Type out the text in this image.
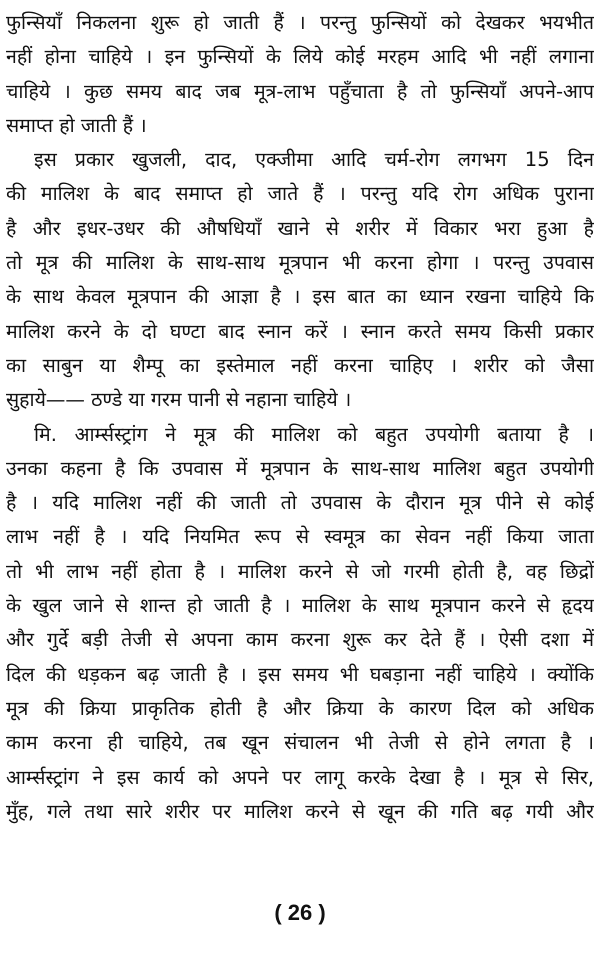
फुन्सियाँ निकलना शुरू हो जाती हैं । परन्तु फुन्सियों को देखकर भयभीत
नहीं होना चाहिये । इन फुन्सियों के लिये कोई मरहम आदि भी नहीं लगाना
चाहिये । कुछ समय बाद जब मूत्र-लाभ पहुँचाता है तो फुन्सियाँ अपने-आप
समाप्त हो जाती हैं ।
इस प्रकार खुजली, दाद, एक्जीमा आदि चर्म-रोग लगभग 15 दिन
की मालिश के बाद समाप्त हो जाते हैं । परन्तु यदि रोग अधिक पुराना
है और इधर-उधर की औषधियाँ खाने से शरीर में विकार भरा हुआ है
तो मूत्र की मालिश के साथ-साथ मूत्रपान भी करना होगा । परन्तु उपवास
के साथ केवल मूत्रपान की आज्ञा है । इस बात का ध्यान रखना चाहिये कि
मालिश करने के दो घण्टा बाद स्नान करें । स्नान करते समय किसी प्रकार
का साबुन या शैम्पू का इस्तेमाल नहीं करना चाहिए । शरीर को जैसा
सुहाये—— ठण्डे या गरम पानी से नहाना चाहिये ।
मि. आर्म्सस्ट्रांग ने मूत्र की मालिश को बहुत उपयोगी बताया है ।
उनका कहना है कि उपवास में मूत्रपान के साथ-साथ मालिश बहुत उपयोगी
है । यदि मालिश नहीं की जाती तो उपवास के दौरान मूत्र पीने से कोई
लाभ नहीं है । यदि नियमित रूप से स्वमूत्र का सेवन नहीं किया जाता
तो भी लाभ नहीं होता है । मालिश करने से जो गरमी होती है, वह छिद्रों
के खुल जाने से शान्त हो जाती है । मालिश के साथ मूत्रपान करने से हृदय
और गुर्दे बड़ी तेजी से अपना काम करना शुरू कर देते हैं । ऐसी दशा में
दिल की धड़कन बढ़ जाती है । इस समय भी घबड़ाना नहीं चाहिये । क्योंकि
मूत्र की क्रिया प्राकृतिक होती है और क्रिया के कारण दिल को अधिक
काम करना ही चाहिये, तब खून संचालन भी तेजी से होने लगता है ।
आर्म्सस्ट्रांग ने इस कार्य को अपने पर लागू करके देखा है । मूत्र से सिर,
मुँह, गले तथा सारे शरीर पर मालिश करने से खून की गति बढ़ गयी और
( 26 )
